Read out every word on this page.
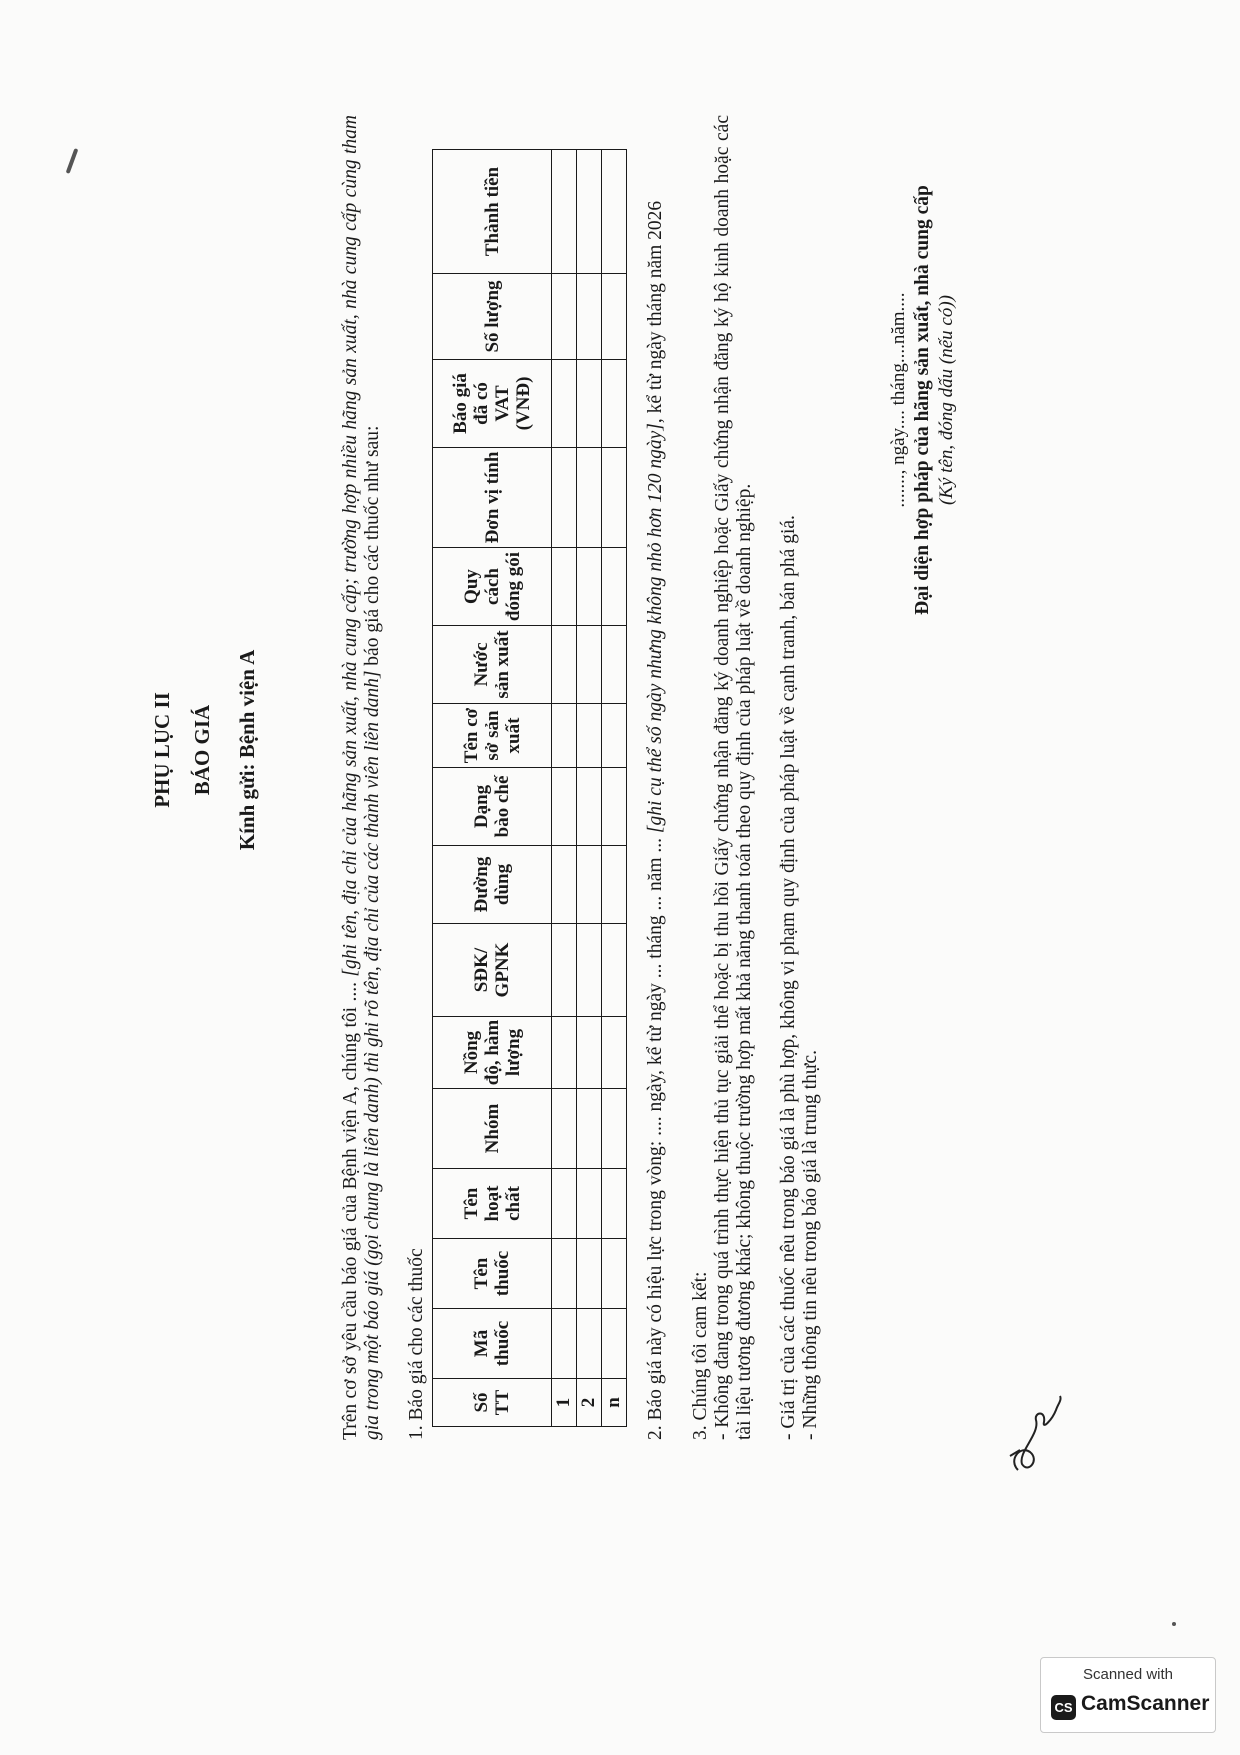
Trên cơ sở yêu cầu báo giá của Bệnh viện A, chúng tôi .... [ghi tên, địa chỉ của hãng sản xuất, nhà cung cấp; trường hợp nhiều hãng sản xuất, nhà cung cấp cùng tham gia trong một báo giá (gọi chung là liên danh) thì ghi rõ tên, địa chỉ của các thành viên liên danh] báo giá cho các thuốc như sau:
1. Báo giá cho các thuốc Số TT	Mã thuốc	Tên thuốc	Tên hoạt chất	Nhóm	Nồng độ, hàm lượng	SĐK/ GPNK	Đường dùng	Dạng bào chế	Tên cơ sở sản xuất	Nước sản xuất	Quy cách đóng gói	Đơn vị tính	Báo giá đã có VAT (VNĐ)	Số lượng	Thành tiền
1															
2															
n															2. Báo giá này có hiệu lực trong vòng: .... ngày, kể từ ngày ... tháng ... năm ... [ghi cụ thể số ngày nhưng không nhỏ hơn 120 ngày], kể từ ngày tháng năm 2026
3. Chúng tôi cam kết: - Không đang trong quá trình thực hiện thủ tục giải thể hoặc bị thu hồi Giấy chứng nhận đăng ký doanh nghiệp hoặc Giấy chứng nhận đăng ký hộ kinh doanh hoặc các tài liệu tương đương khác; không thuộc trường hợp mất khả năng thanh toán theo quy định của pháp luật về doanh nghiệp. - Giá trị của các thuốc nêu trong báo giá là phù hợp, không vi phạm quy định của pháp luật về cạnh tranh, bán phá giá. - Những thông tin nêu trong báo giá là trung thực.
......., ngày.... tháng....năm.... Đại diện hợp pháp của hãng sản xuất, nhà cung cấp (Ký tên, đóng dấu (nếu có))
PHỤ LỤC II BÁO GIÁ Kính gửi: Bệnh viện A
Scanned with
CS CamScanner
